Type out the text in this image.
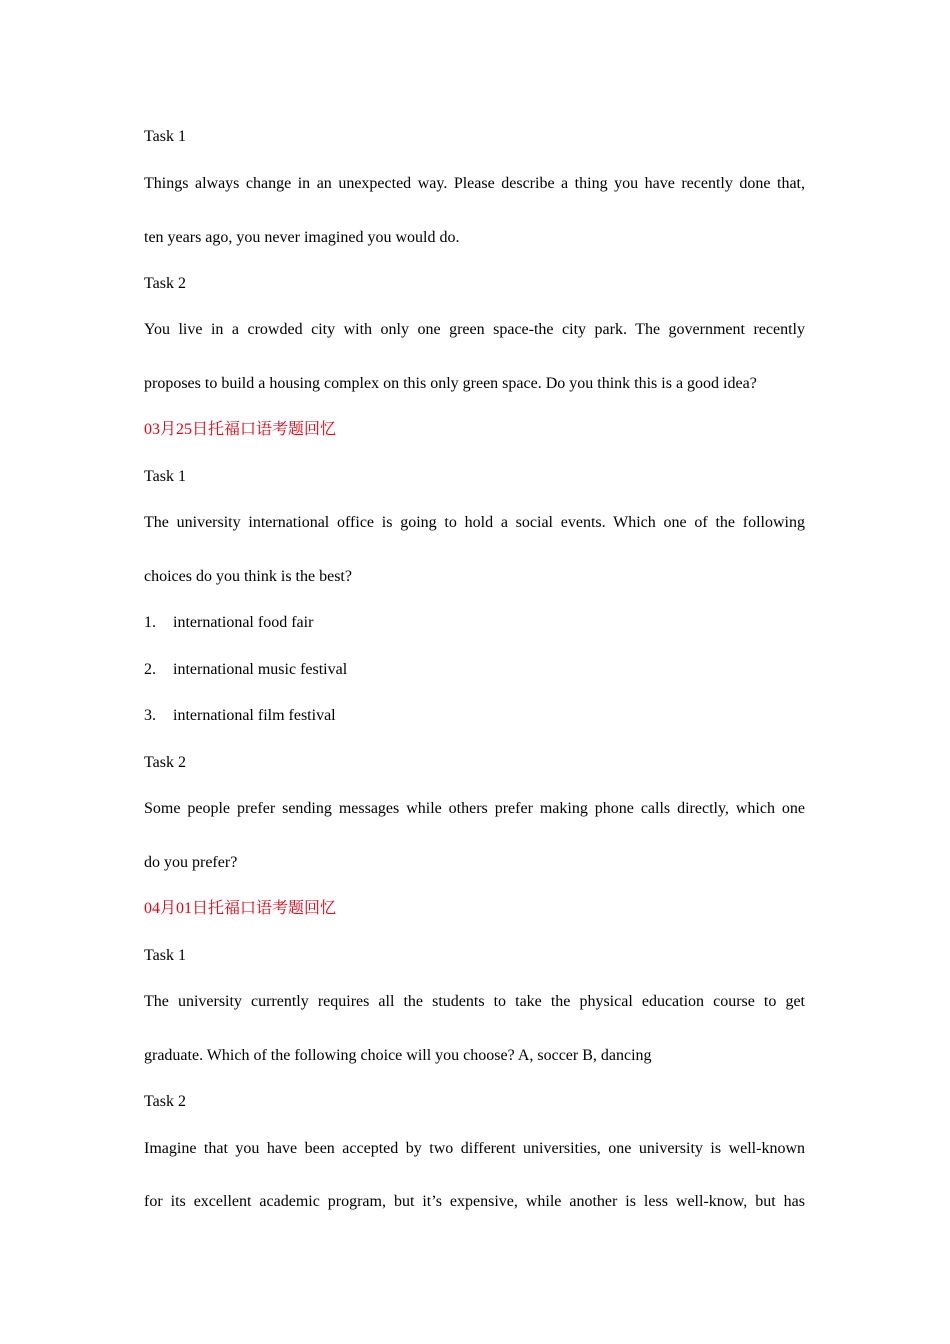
Task 1
Things always change in an unexpected way. Please describe a thing you have recently done that,
ten years ago, you never imagined you would do.
Task 2
You live in a crowded city with only one green space-the city park. The government recently
proposes to build a housing complex on this only green space. Do you think this is a good idea?
03月25日托福口语考题回忆
Task 1
The university international office is going to hold a social events. Which one of the following
choices do you think is the best?
1. international food fair
2. international music festival
3. international film festival
Task 2
Some people prefer sending messages while others prefer making phone calls directly, which one
do you prefer?
04月01日托福口语考题回忆
Task 1
The university currently requires all the students to take the physical education course to get
graduate. Which of the following choice will you choose? A, soccer B, dancing
Task 2
Imagine that you have been accepted by two different universities, one university is well-known
for its excellent academic program, but it’s expensive, while another is less well-know, but has
